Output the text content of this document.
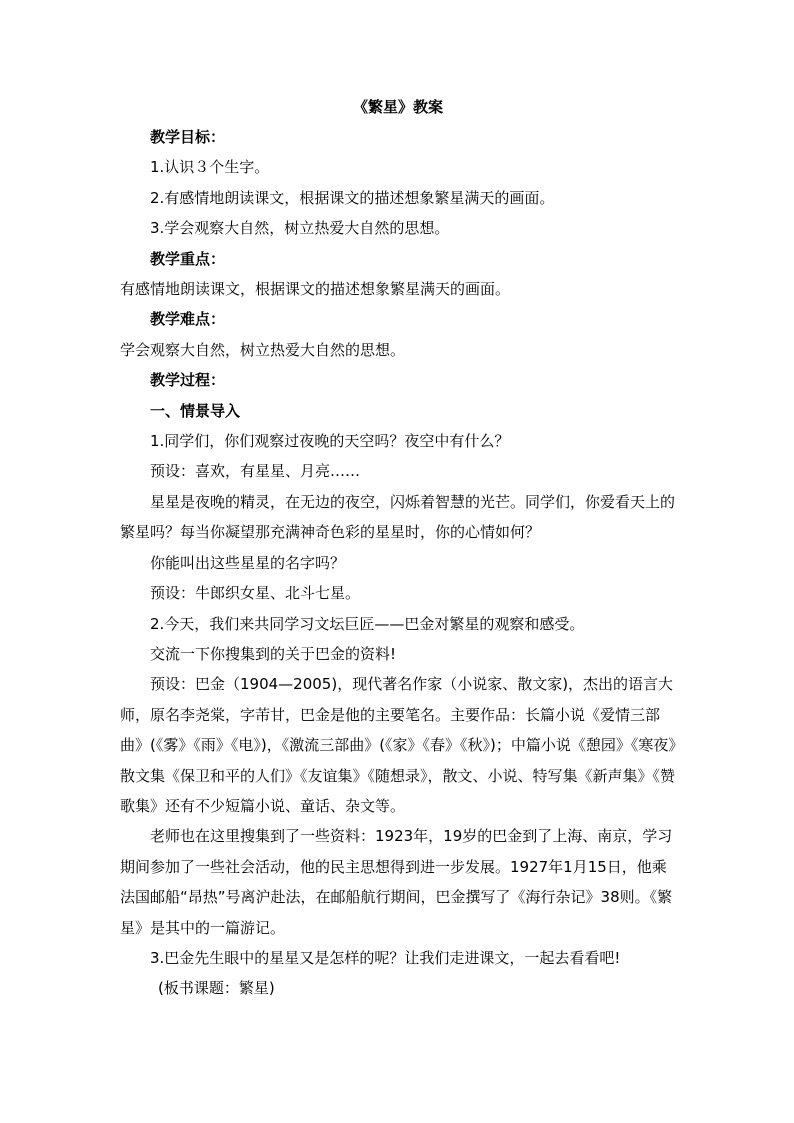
《繁星》教案

教学目标：

1.认识３个生字。

2.有感情地朗读课文，根据课文的描述想象繁星满天的画面。

3.学会观察大自然，树立热爱大自然的思想。

教学重点：

有感情地朗读课文，根据课文的描述想象繁星满天的画面。

教学难点：

学会观察大自然，树立热爱大自然的思想。

教学过程：

一、情景导入

1.同学们，你们观察过夜晚的天空吗？夜空中有什么？

预设：喜欢，有星星、月亮……

星星是夜晚的精灵，在无边的夜空，闪烁着智慧的光芒。同学们，你爱看天上的繁星吗？每当你凝望那充满神奇色彩的星星时，你的心情如何？

你能叫出这些星星的名字吗？

预设：牛郎织女星、北斗七星。

2.今天，我们来共同学习文坛巨匠——巴金对繁星的观察和感受。

交流一下你搜集到的关于巴金的资料!

预设：巴金（1904—2005)，现代著名作家（小说家、散文家)，杰出的语言大师，原名李尧棠，字芾甘，巴金是他的主要笔名。主要作品：长篇小说《爱情三部曲》(《雾》《雨》《电》)，《激流三部曲》(《家》《春》《秋》)；中篇小说《憩园》《寒夜》散文集《保卫和平的人们》《友谊集》《随想录》，散文、小说、特写集《新声集》《赞歌集》还有不少短篇小说、童话、杂文等。

老师也在这里搜集到了一些资料：1923年，19岁的巴金到了上海、南京，学习期间参加了一些社会活动，他的民主思想得到进一步发展。1927年1月15日，他乘法国邮船“昂热”号离沪赴法，在邮船航行期间，巴金撰写了《海行杂记》38则。《繁星》是其中的一篇游记。

3.巴金先生眼中的星星又是怎样的呢？让我们走进课文，一起去看看吧!

(板书课题：繁星)
